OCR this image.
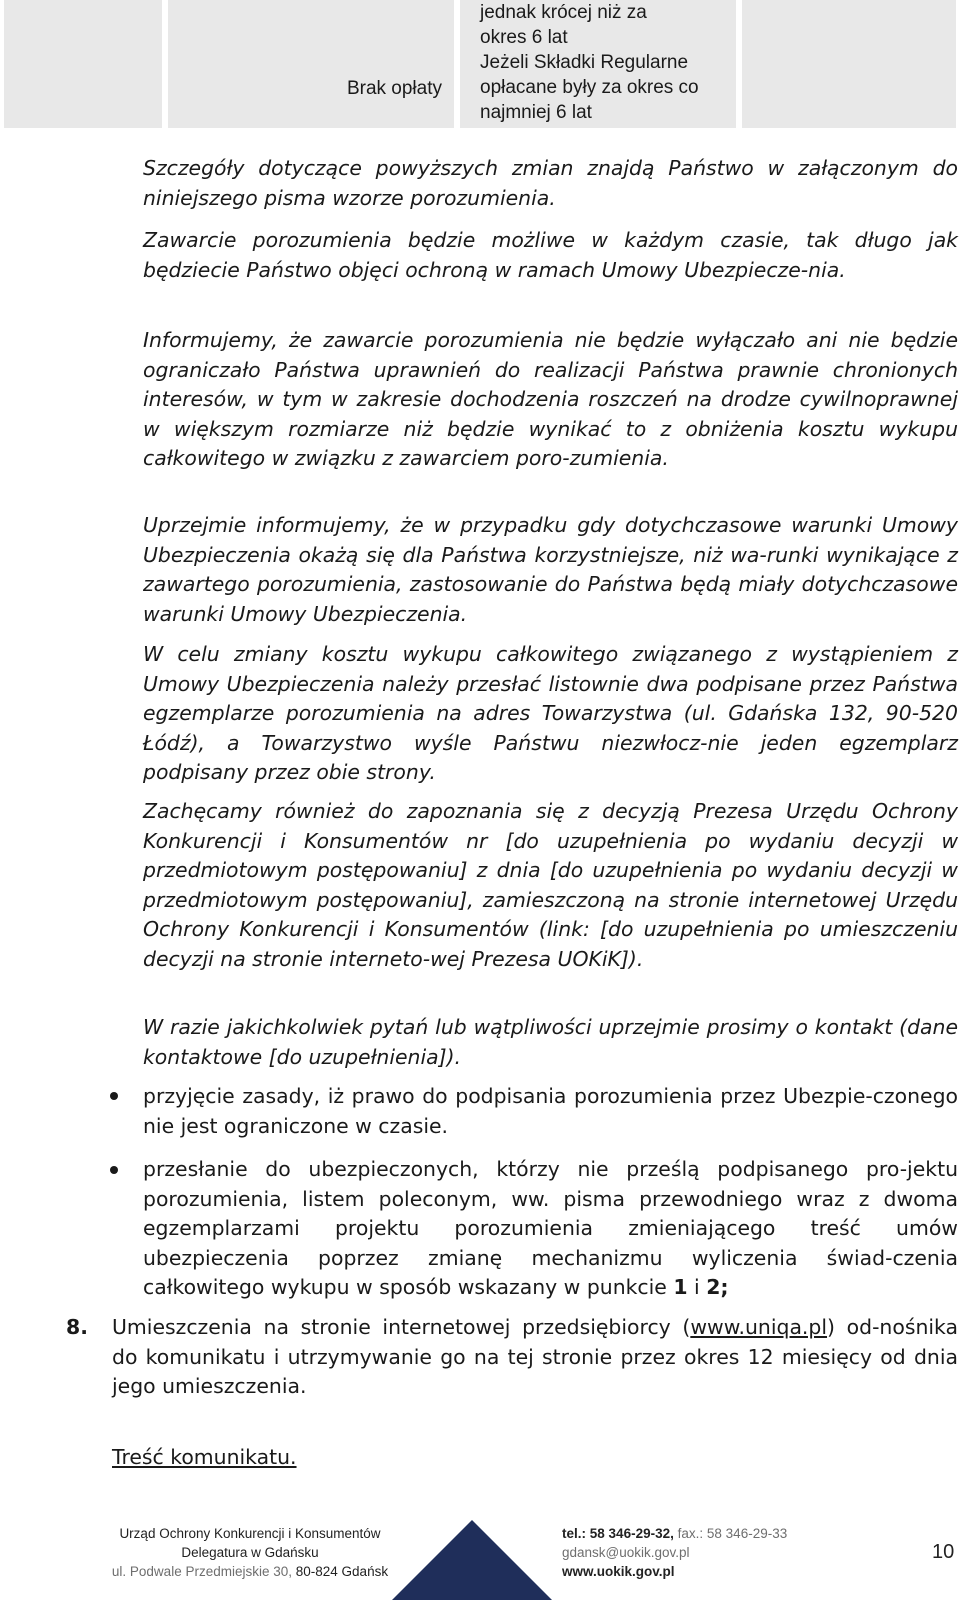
Brak opłaty
jednak krócej niż za
okres 6 lat
Jeżeli Składki Regularne
opłacane były za okres co
najmniej 6 lat

Szczegóły dotyczące powyższych zmian znajdą Państwo w załączonym do niniejszego pisma wzorze porozumienia.

Zawarcie porozumienia będzie możliwe w każdym czasie, tak długo jak będziecie Państwo objęci ochroną w ramach Umowy Ubezpiecze-nia.

Informujemy, że zawarcie porozumienia nie będzie wyłączało ani nie będzie ograniczało Państwa uprawnień do realizacji Państwa prawnie chronionych interesów, w tym w zakresie dochodzenia roszczeń na drodze cywilnoprawnej w większym rozmiarze niż będzie wynikać to z obniżenia kosztu wykupu całkowitego w związku z zawarciem poro-zumienia.

Uprzejmie informujemy, że w przypadku gdy dotychczasowe warunki Umowy Ubezpieczenia okażą się dla Państwa korzystniejsze, niż wa-runki wynikające z zawartego porozumienia, zastosowanie do Państwa będą miały dotychczasowe warunki Umowy Ubezpieczenia.

W celu zmiany kosztu wykupu całkowitego związanego z wystąpieniem z Umowy Ubezpieczenia należy przesłać listownie dwa podpisane przez Państwa egzemplarze porozumienia na adres Towarzystwa (ul. Gdańska 132, 90-520 Łódź), a Towarzystwo wyśle Państwu niezwłocz-nie jeden egzemplarz podpisany przez obie strony.

Zachęcamy również do zapoznania się z decyzją Prezesa Urzędu Ochrony Konkurencji i Konsumentów nr [do uzupełnienia po wydaniu decyzji w przedmiotowym postępowaniu] z dnia [do uzupełnienia po wydaniu decyzji w przedmiotowym postępowaniu], zamieszczoną na stronie internetowej Urzędu Ochrony Konkurencji i Konsumentów (link: [do uzupełnienia po umieszczeniu decyzji na stronie interneto-wej Prezesa UOKiK]).

W razie jakichkolwiek pytań lub wątpliwości uprzejmie prosimy o kontakt (dane kontaktowe [do uzupełnienia]).

przyjęcie zasady, iż prawo do podpisania porozumienia przez Ubezpie-czonego nie jest ograniczone w czasie.

przesłanie do ubezpieczonych, którzy nie prześlą podpisanego pro-jektu porozumienia, listem poleconym, ww. pisma przewodniego wraz z dwoma egzemplarzami projektu porozumienia zmieniającego treść umów ubezpieczenia poprzez zmianę mechanizmu wyliczenia świad-czenia całkowitego wykupu w sposób wskazany w punkcie 1 i 2;

8. Umieszczenia na stronie internetowej przedsiębiorcy (www.uniqa.pl) od-nośnika do komunikatu i utrzymywanie go na tej stronie przez okres 12 miesięcy od dnia jego umieszczenia.

Treść komunikatu.
Urząd Ochrony Konkurencji i Konsumentów
Delegatura w Gdańsku
ul. Podwale Przedmiejskie 30, 80-824 Gdańsk
tel.: 58 346-29-32, fax.: 58 346-29-33
gdansk@uokik.gov.pl
www.uokik.gov.pl
10
